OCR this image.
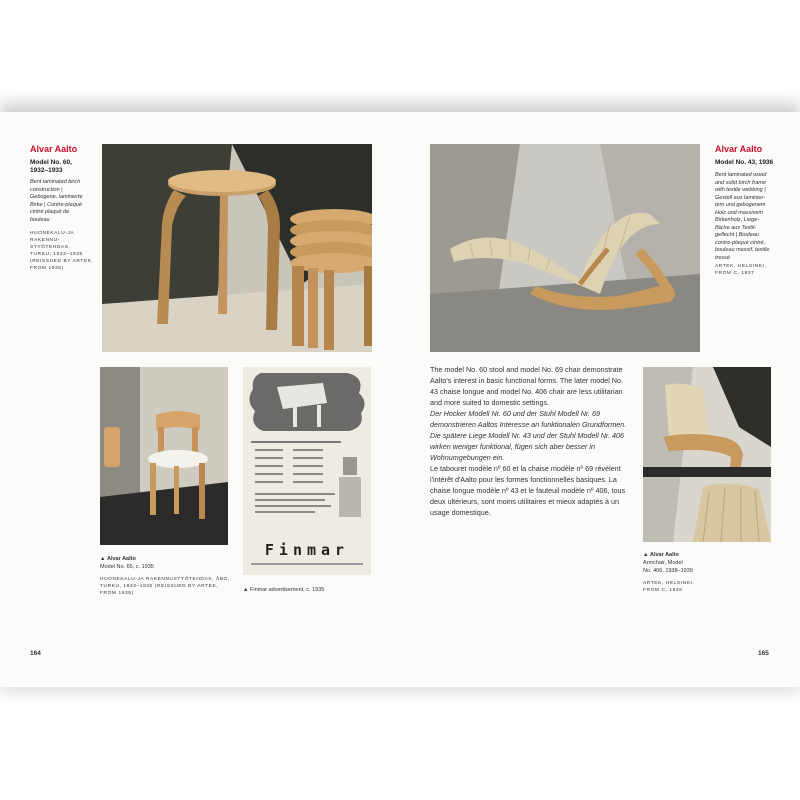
Alvar Aalto
Model No. 60,
1932–1933
Bent laminated birch
construction |
Gebogene, laminierte
Birke | Contre-plaqué
cintré plaqué de
bouleau
HUONEKALU-JA
RAKENNU-
STYÖTEHDAS,
TURKU, 1932–1935
(REISSUED BY ARTEK,
FROM 1935)
▲ Alvar Aalto
Model No. 65, c. 1935
HUONEKALU-JA RAKENNUSTYÖTEHDAS, ÅBO,
TURKU, 1933–1935 (REISSUED BY ARTEK,
FROM 1935)
Finmar
▲ Finmar advertisement, c. 1935
164
Alvar Aalto
Model No. 43, 1936
Bent laminated wood
and solid birch frame
with textile webbing |
Gestell aus laminier-
tem und gebogenem
Holz und massivem
Birkenholz, Liege-
fläche aus Textil-
geflecht | Bouleau
contre-plaqué cintré,
bouleau massif, textile
tressé
ARTEK, HELSINKI,
FROM C. 1937

The model No. 60 stool and model No. 69 chair demonstrate Aalto's interest in basic functional forms. The later model No. 43 chaise longue and model No. 406 chair are less utilitarian and more suited to domestic settings.

Der Hocker Modell Nr. 60 und der Stuhl Modell Nr. 69 demonstrieren Aaltos Interesse an funktionalen Grundformen. Die spätere Liege Modell Nr. 43 und der Stuhl Modell Nr. 406 wirken weniger funktional, fügen sich aber besser in Wohnumgebungen ein.

Le tabouret modèle nº 60 et la chaise modèle nº 69 révèlent l'intérêt d'Aalto pour les formes fonctionnelles basiques. La chaise longue modèle nº 43 et le fauteuil modèle nº 406, tous deux ultérieurs, sont moins utilitaires et mieux adaptés à un usage domestique.

▲ Alvar Aalto
Armchair, Model
No. 406, 1938–1939
ARTEK, HELSINKI,
FROM C. 1939
165
